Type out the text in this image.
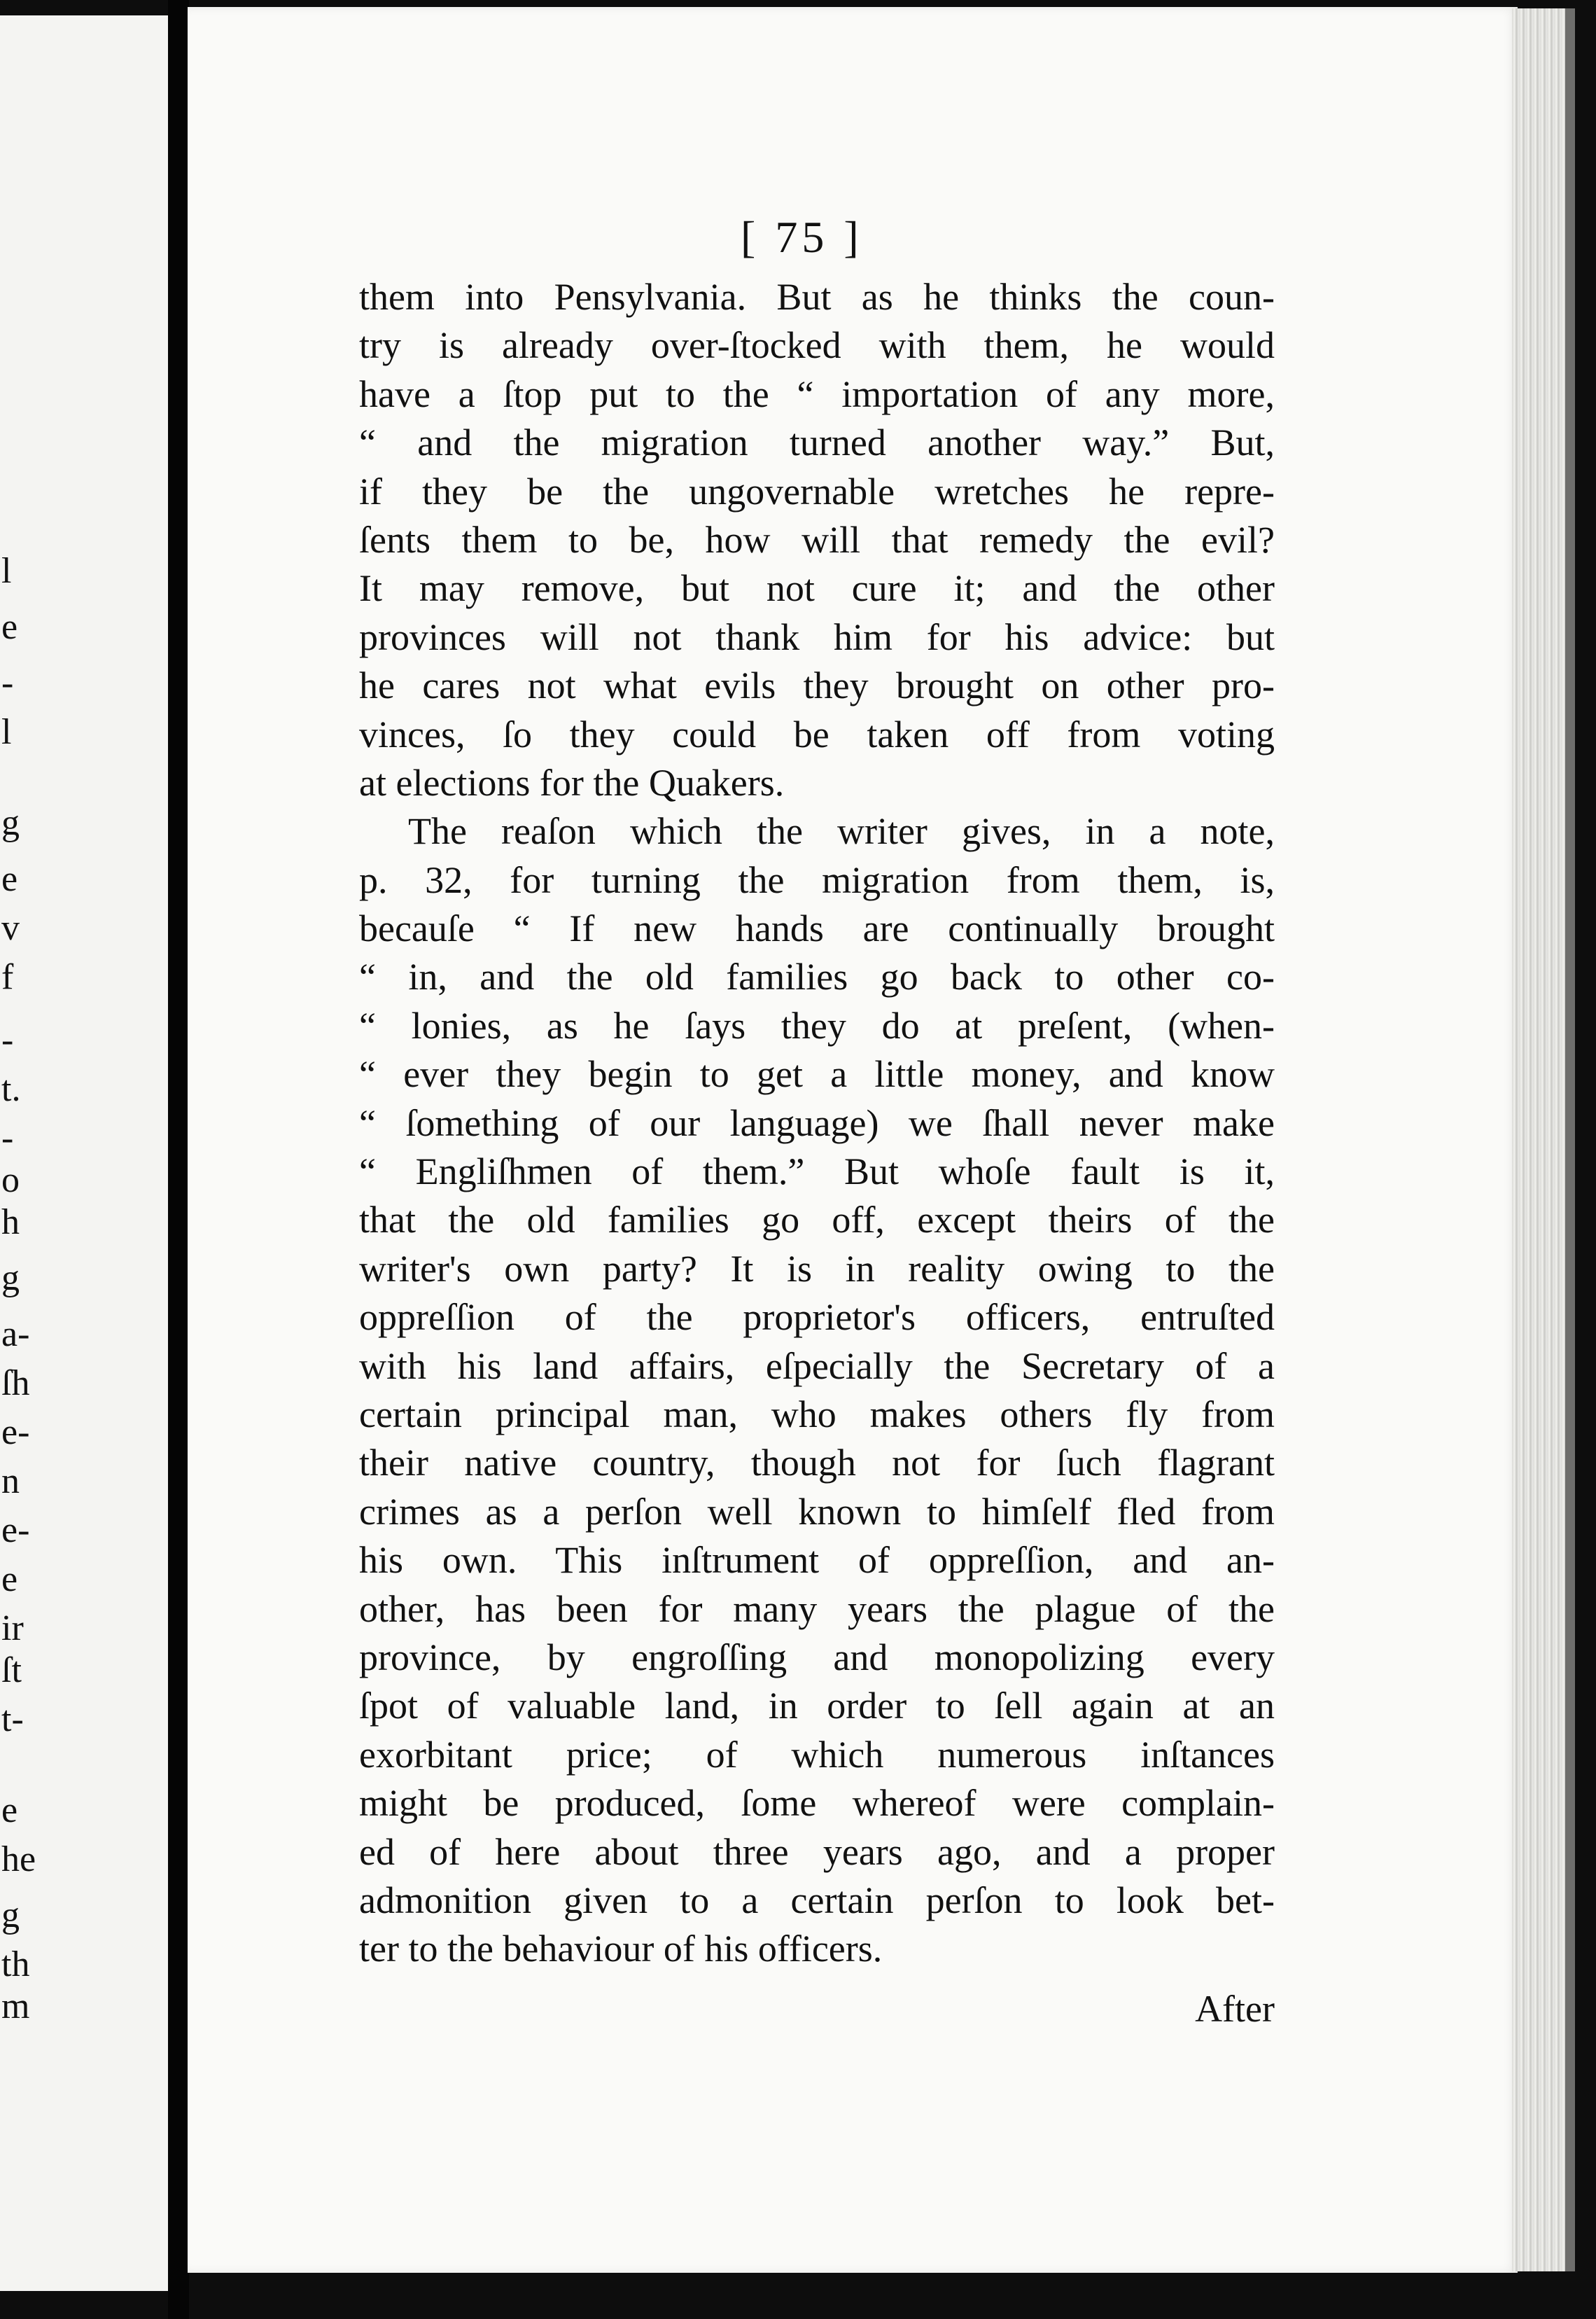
l
e
-
l
g
e
v
f
-
t.
-
o
h
g
a-
ſh
e-
n
e-
e
ir
ſt
t-
e
he
g
th
m
[ 75 ]
them into Pensylvania. But as he thinks the coun-
try is already over-ſtocked with them, he would
have a ſtop put to the “ importation of any more,
“ and the migration turned another way.” But,
if they be the ungovernable wretches he repre-
ſents them to be, how will that remedy the evil?
It may remove, but not cure it; and the other
provinces will not thank him for his advice: but
he cares not what evils they brought on other pro-
vinces, ſo they could be taken off from voting
at elections for the Quakers.
The reaſon which the writer gives, in a note,
p. 32, for turning the migration from them, is,
becauſe “ If new hands are continually brought
“ in, and the old families go back to other co-
“ lonies, as he ſays they do at preſent, (when-
“ ever they begin to get a little money, and know
“ ſomething of our language) we ſhall never make
“ Engliſhmen of them.” But whoſe fault is it,
that the old families go off, except theirs of the
writer's own party? It is in reality owing to the
oppreſſion of the proprietor's officers, entruſted
with his land affairs, eſpecially the Secretary of a
certain principal man, who makes others fly from
their native country, though not for ſuch flagrant
crimes as a perſon well known to himſelf fled from
his own. This inſtrument of oppreſſion, and an-
other, has been for many years the plague of the
province, by engroſſing and monopolizing every
ſpot of valuable land, in order to ſell again at an
exorbitant price; of which numerous inſtances
might be produced, ſome whereof were complain-
ed of here about three years ago, and a proper
admonition given to a certain perſon to look bet-
ter to the behaviour of his officers.
After
